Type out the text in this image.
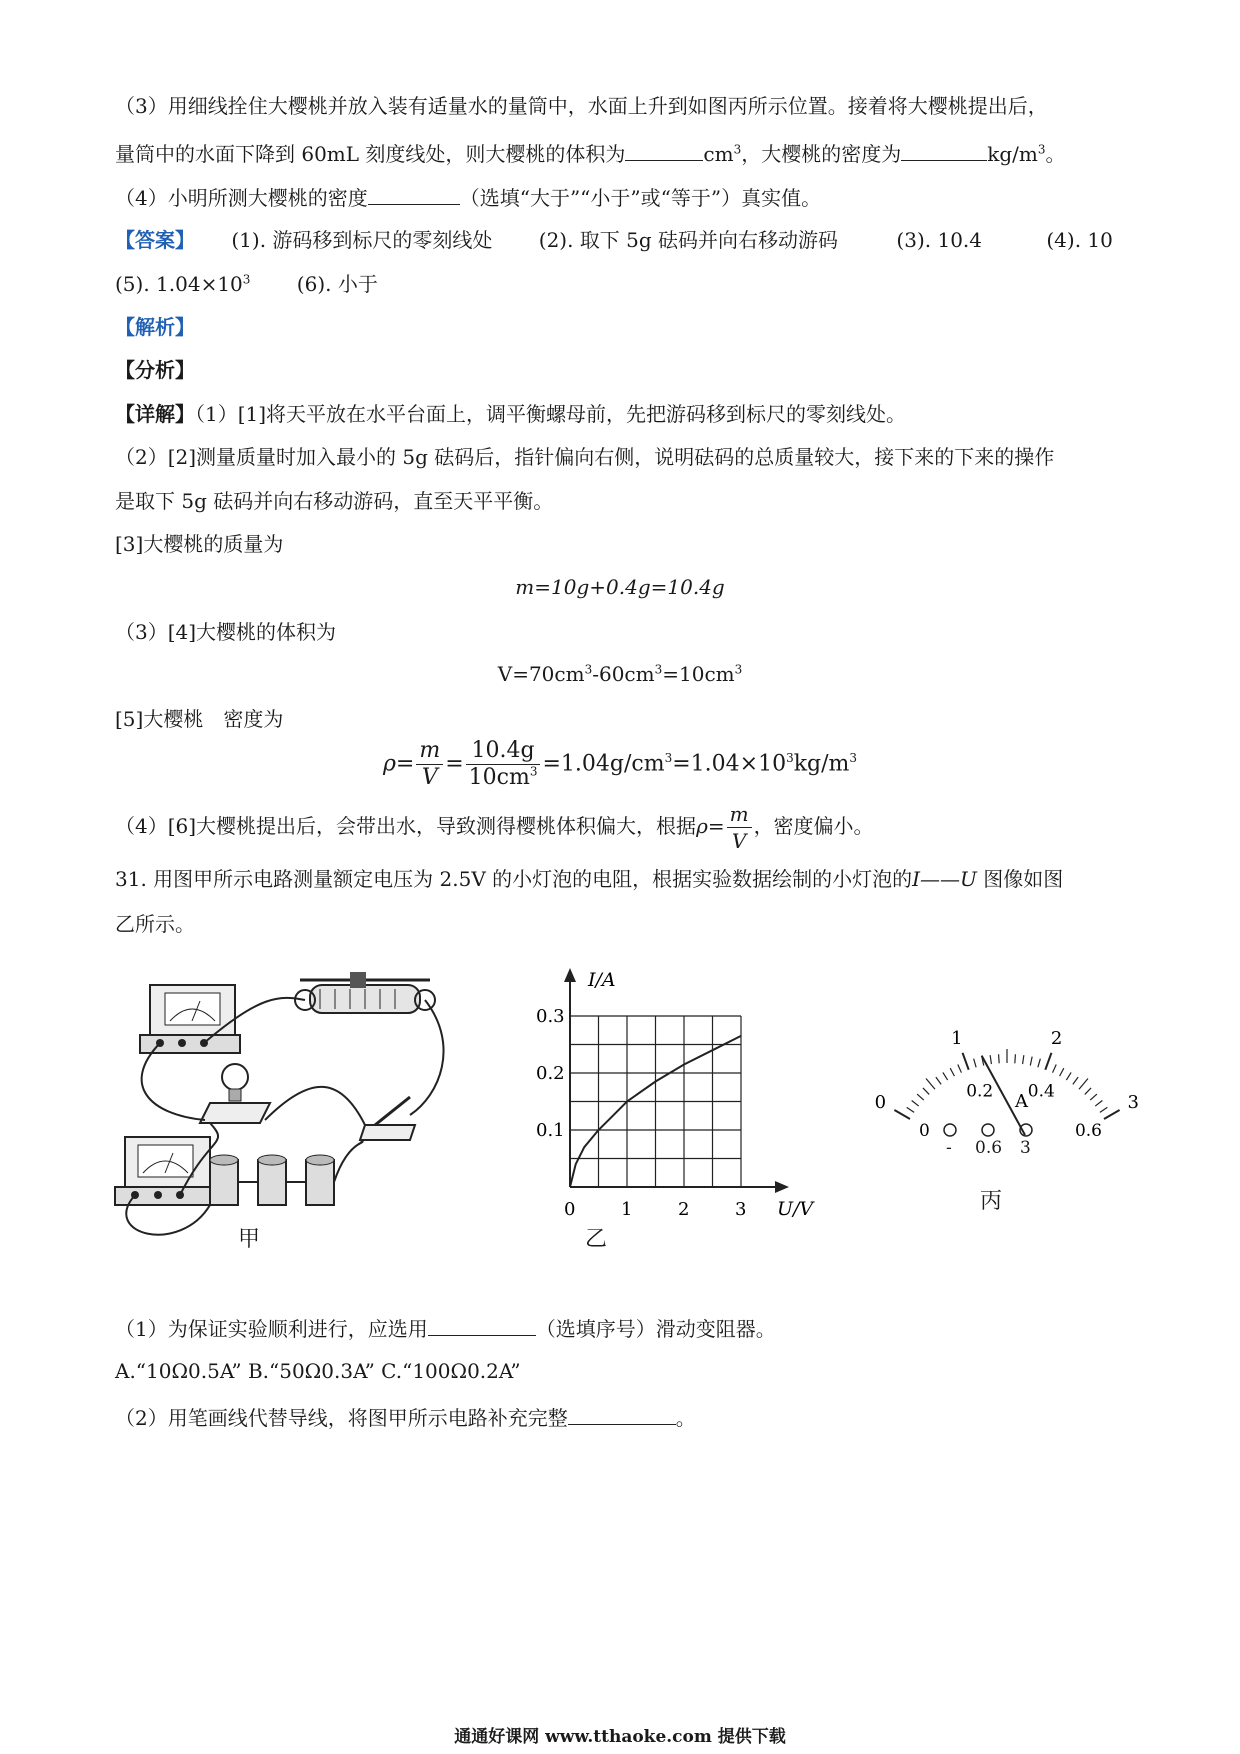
（3）用细线拴住大樱桃并放入装有适量水的量筒中，水面上升到如图丙所示位置。接着将大樱桃提出后，
量筒中的水面下降到 60mL 刻度线处，则大樱桃的体积为	$cm^3$，大樱桃的密度为	$kg/m^3$。
（4）小明所测大樱桃的密度	（选填“大于”“小于”或“等于”）真实值。
【答案】 (1). 游码移到标尺的零刻线处 (2). 取下 5g 砝码并向右移动游码	(3). 10.4	(4). 10
(5). $1.04\times 10^3$ (6). 小于
【解析】
【分析】
【详解】（1）[1]将天平放在水平台面上，调平衡螺母前，先把游码移到标尺的零刻线处。
（2）[2]测量质量时加入最小的 5g 砝码后，指针偏向右侧，说明砝码的总质量较大，接下来的下来的操作
是取下 5g 砝码并向右移动游码，直至天平平衡。
[3]大樱桃的质量为
m=10g+0.4g=10.4g
（3）[4]大樱桃的体积为
$V=70cm^3-60cm^3=10cm^3$
[5]大樱桃　密度为
$\rho= \frac{m}{V} = \frac{10.4g}{10cm^3} =1.04g/cm^3=1.04\times 10^3kg/m^3$
（4）[6]大樱桃提出后，会带出水，导致测得樱桃体积偏大，根据$\rho= \frac{m}{V}$ ，密度偏小。
31. 用图甲所示电路测量额定电压为 2.5V 的小灯泡的电阻，根据实验数据绘制的小灯泡的I——U 图像如图
乙所示。
甲
I/A
U/V
0	1	2	3
0.1
0.2
0.3
乙
0
1	2
3
0
0.2 0.4
0.6
A
（1）为保证实验顺利进行，应选用	（选填序号）滑动变阻器。
A.“10Ω0.5A” B.“50Ω0.3A” C.“100Ω0.2A”
（2）用笔画线代替导线，将图甲所示电路补充完整	。
通通好课网 www.tthaoke.com 提供下载
- 0.6 3
丙
